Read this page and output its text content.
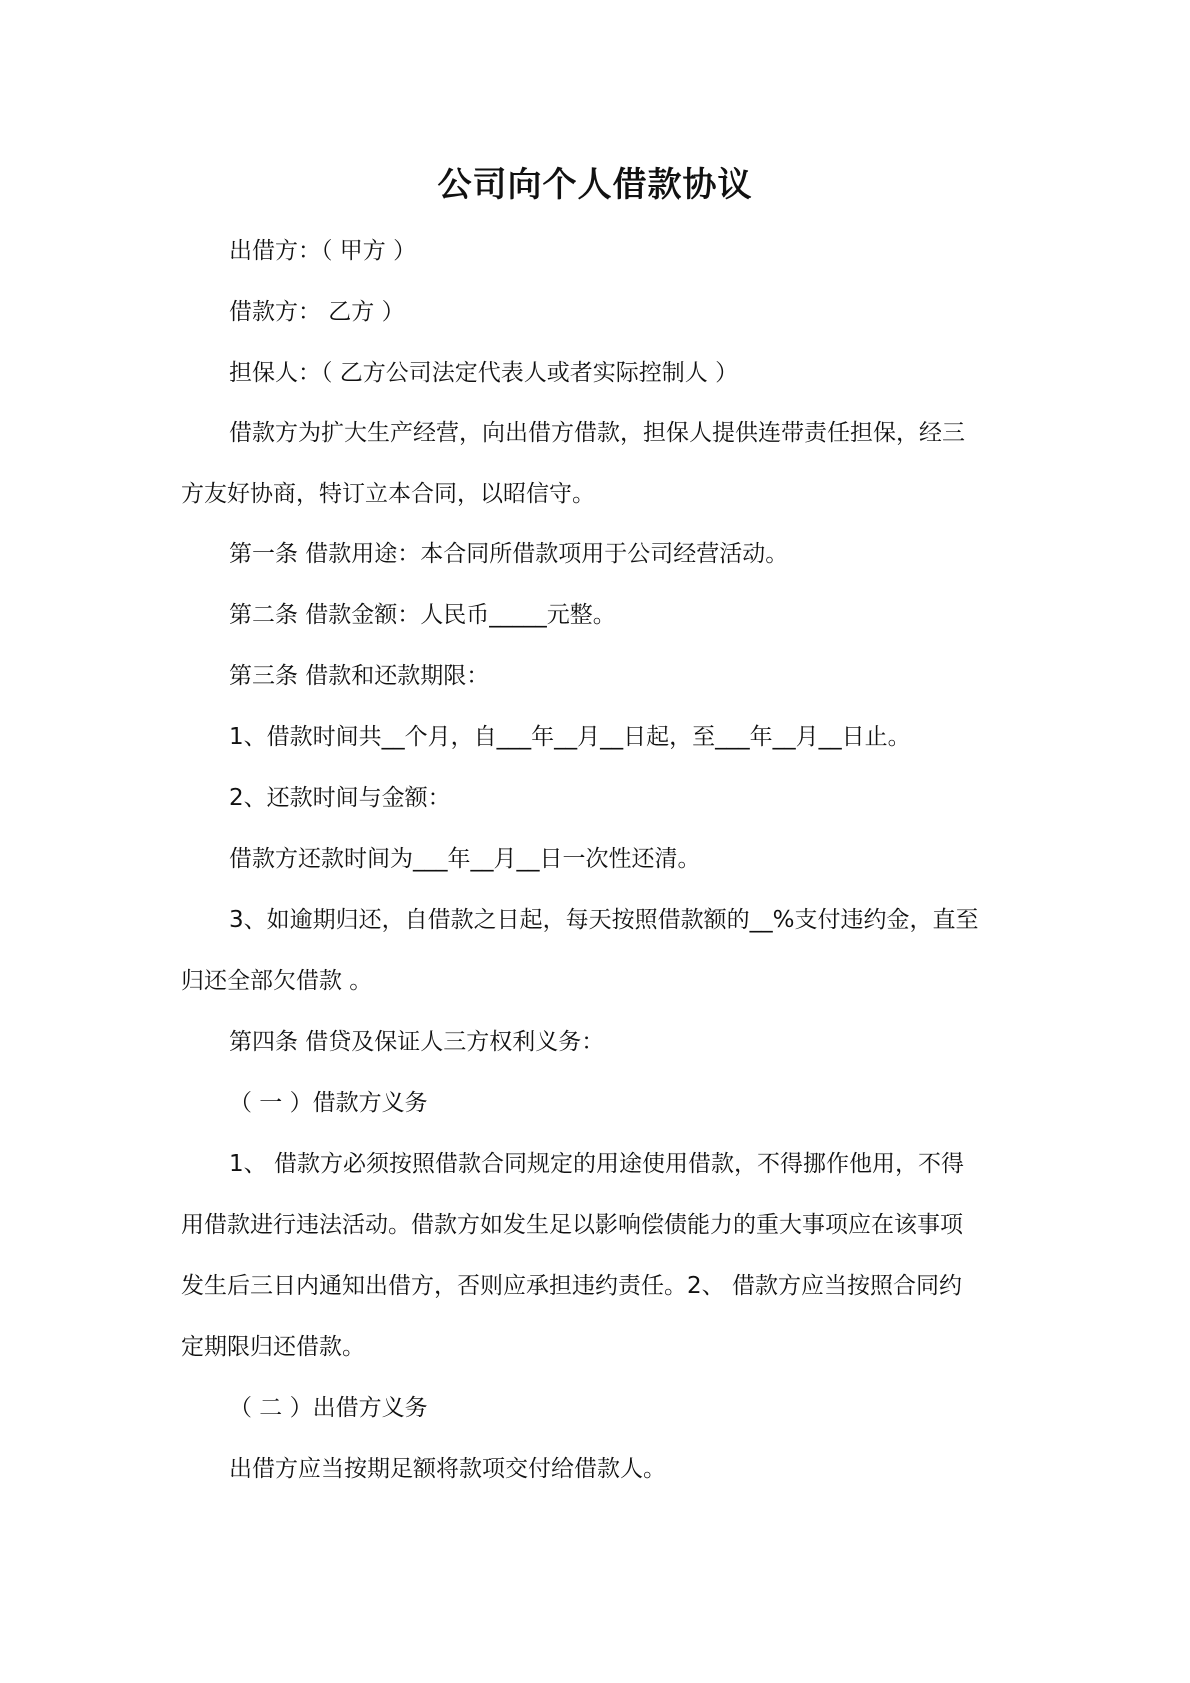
公司向个人借款协议
出借方：（ 甲方 ）
借款方： 乙方 ）
担保人：（ 乙方公司法定代表人或者实际控制人 ）
借款方为扩大生产经营，向出借方借款，担保人提供连带责任担保，经三
方友好协商，特订立本合同，以昭信守。
第一条 借款用途：本合同所借款项用于公司经营活动。
第二条 借款金额：人民币_____元整。
第三条 借款和还款期限：
1、借款时间共__个月，自___年__月__日起，至___年__月__日止。
2、还款时间与金额：
借款方还款时间为___年__月__日一次性还清。
3、如逾期归还，自借款之日起，每天按照借款额的__%支付违约金，直至
归还全部欠借款 。
第四条 借贷及保证人三方权利义务：
（ 一 ）借款方义务
1、 借款方必须按照借款合同规定的用途使用借款，不得挪作他用，不得
用借款进行违法活动。借款方如发生足以影响偿债能力的重大事项应在该事项
发生后三日内通知出借方，否则应承担违约责任。2、 借款方应当按照合同约
定期限归还借款。
（ 二 ）出借方义务
出借方应当按期足额将款项交付给借款人。
